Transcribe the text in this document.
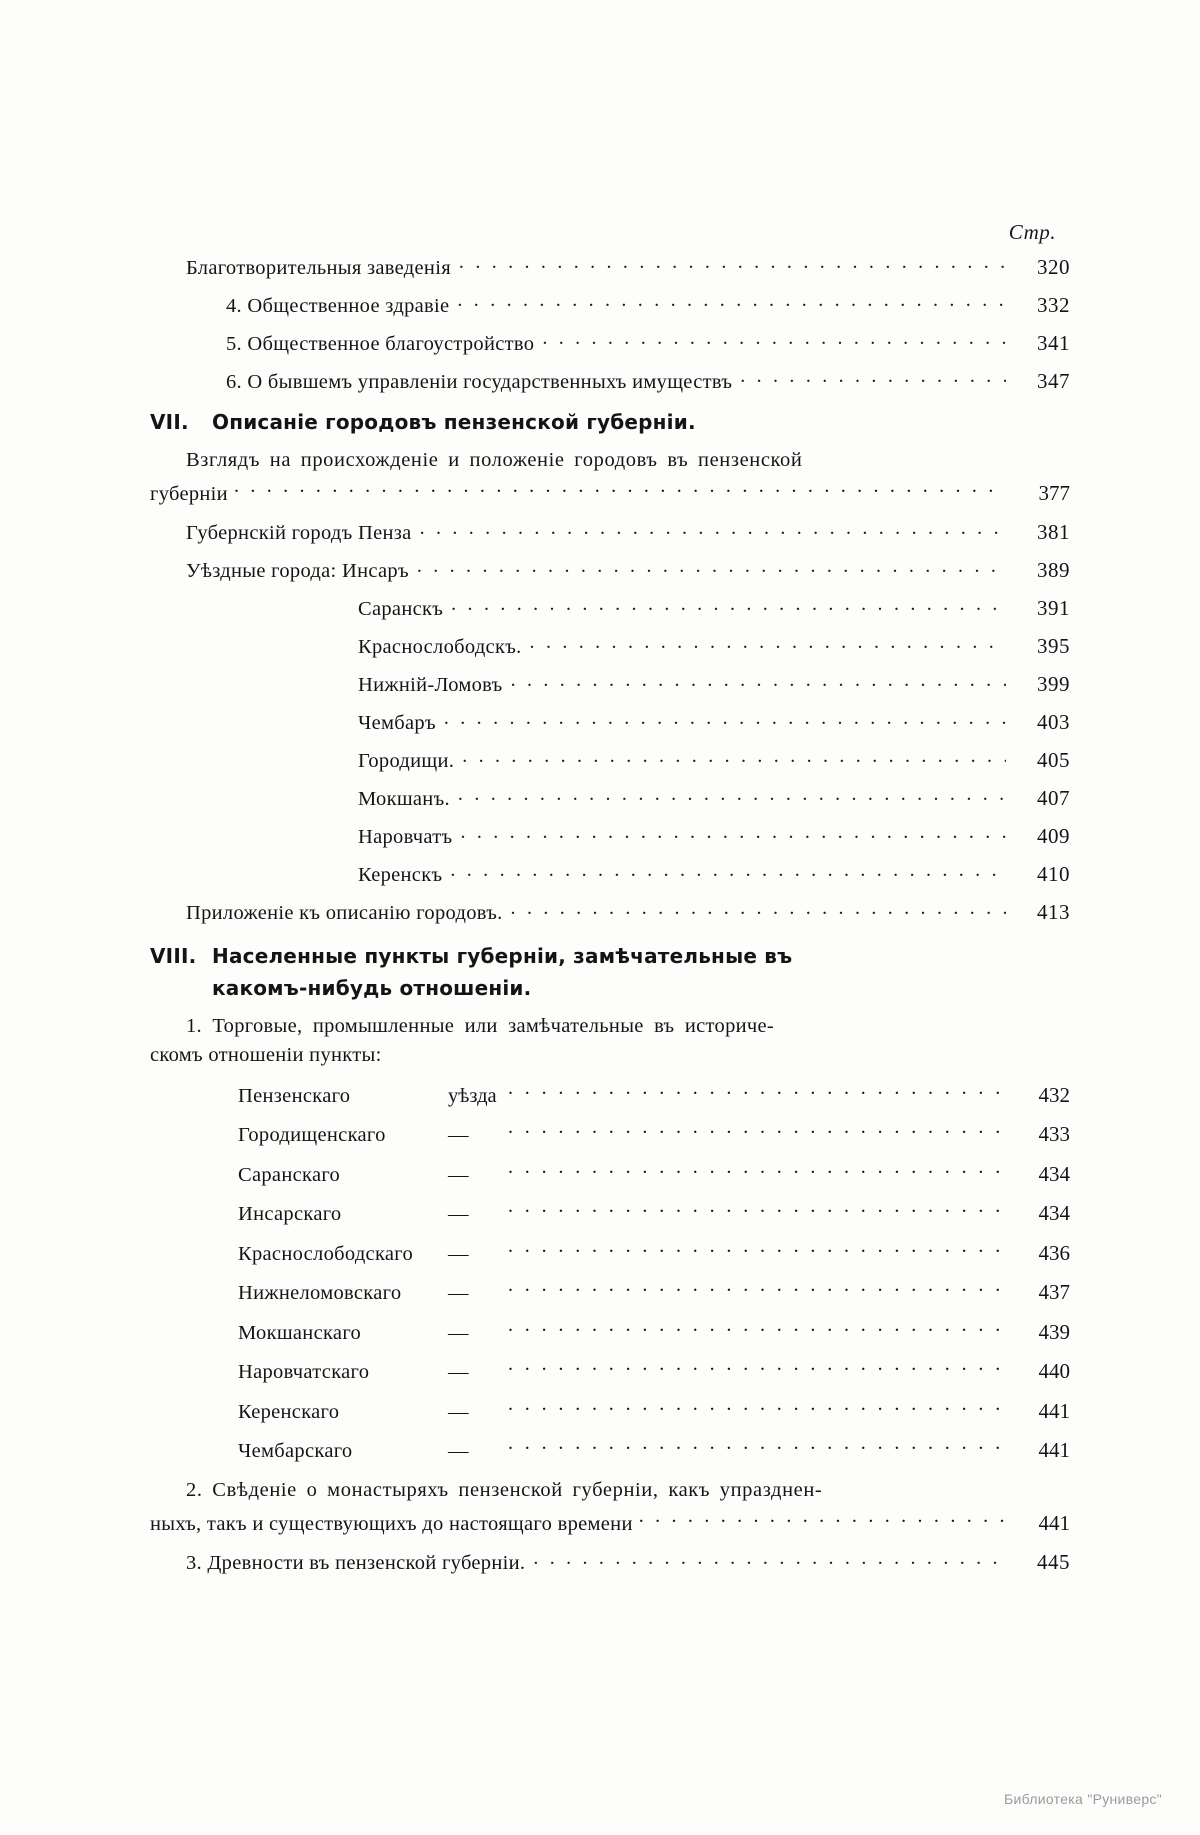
Стр.
Благотворительныя заведенія . . .	320
4. Общественное здравіе . . .	332
5. Общественное благоустройство . . .	341
6. О бывшемъ управленіи государственныхъ имуществъ . . .	347
VII. Описаніе городовъ пензенской губерніи.
Взглядъ на происхожденіе и положеніе городовъ въ пензенской
губерніи . . .	377
Губернскій городъ Пенза . . .	381
Уѣздные города: Инсаръ . . .	389
Саранскъ . . .	391
Краснослободскъ. . . .	395
Нижній-Ломовъ . . .	399
Чембаръ . . .	403
Городищи. . . .	405
Мокшанъ. . . .	407
Наровчатъ . . .	409
Керенскъ . . .	410
Приложеніе къ описанію городовъ. . . .	413
VIII. Населенные пункты губерніи, замѣчательные въ
какомъ-нибудь отношеніи.
1. Торговые, промышленные или замѣчательные въ историче-
скомъ отношеніи пункты:
Пензенскаго	уѣзда . . .	432
Городищенскаго	— . . .	433
Саранскаго	— . . .	434
Инсарскаго	— . . .	434
Краснослободскаго	— . . .	436
Нижнеломовскаго	— . . .	437
Мокшанскаго	— . . .	439
Наровчатскаго	— . . .	440
Керенскаго	— . . .	441
Чембарскаго	— . . .	441
2. Свѣденіе о монастыряхъ пензенской губерніи, какъ упразднен-
ныхъ, такъ и существующихъ до настоящаго времени . . .	441
3. Древности въ пензенской губерніи. . . .	445
Библиотека "Руниверс"
